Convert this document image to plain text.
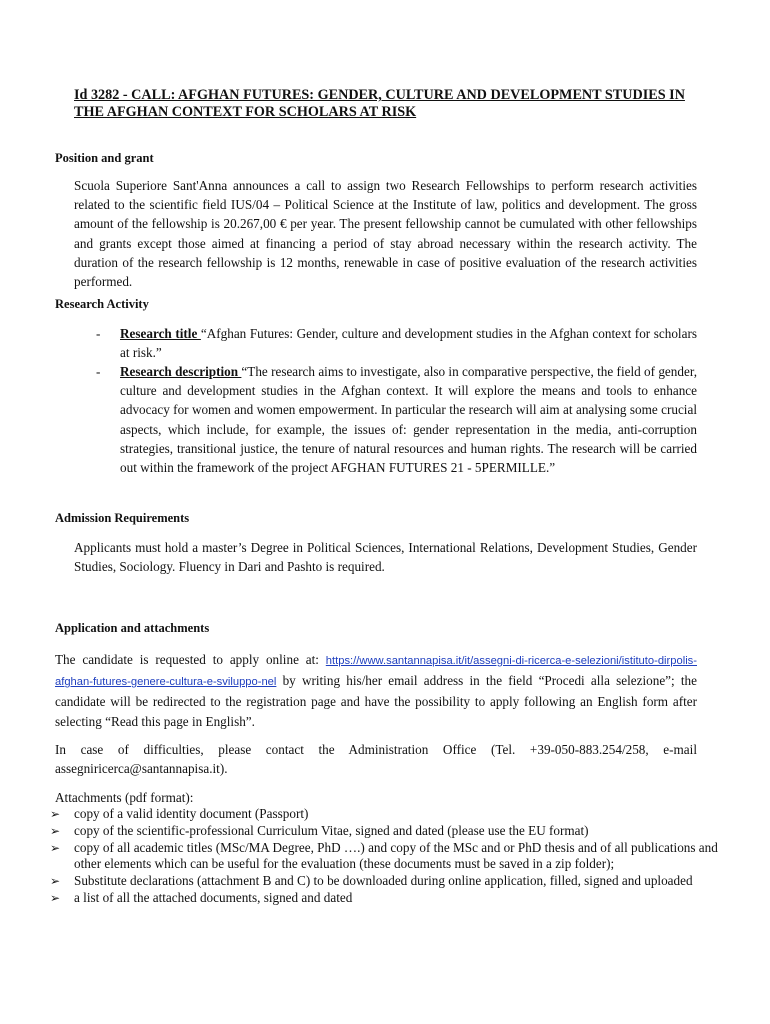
Id 3282 - CALL: AFGHAN FUTURES: GENDER, CULTURE AND DEVELOPMENT STUDIES IN THE AFGHAN CONTEXT FOR SCHOLARS AT RISK
Position and grant
Scuola Superiore Sant'Anna announces a call to assign two Research Fellowships to perform research activities related to the scientific field IUS/04 – Political Science at the Institute of law, politics and development. The gross amount of the fellowship is 20.267,00 € per year. The present fellowship cannot be cumulated with other fellowships and grants except those aimed at financing a period of stay abroad necessary within the research activity. The duration of the research fellowship is 12 months, renewable in case of positive evaluation of the research activities performed.
Research Activity
- Research title “Afghan Futures: Gender, culture and development studies in the Afghan context for scholars at risk.”
- Research description “The research aims to investigate, also in comparative perspective, the field of gender, culture and development studies in the Afghan context. It will explore the means and tools to enhance advocacy for women and women empowerment. In particular the research will aim at analysing some crucial aspects, which include, for example, the issues of: gender representation in the media, anti-corruption strategies, transitional justice, the tenure of natural resources and human rights. The research will be carried out within the framework of the project AFGHAN FUTURES 21 - 5PERMILLE.”
Admission Requirements
Applicants must hold a master’s Degree in Political Sciences, International Relations, Development Studies, Gender Studies, Sociology. Fluency in Dari and Pashto is required.
Application and attachments
The candidate is requested to apply online at: https://www.santannapisa.it/it/assegni-di-ricerca-e-selezioni/istituto-dirpolis-afghan-futures-genere-cultura-e-sviluppo-nel by writing his/her email address in the field “Procedi alla selezione”; the candidate will be redirected to the registration page and have the possibility to apply following an English form after selecting “Read this page in English”.
In case of difficulties, please contact the Administration Office (Tel. +39-050-883.254/258, e-mail assegniricerca@santannapisa.it).
Attachments (pdf format):
➢ copy of a valid identity document (Passport)
➢ copy of the scientific-professional Curriculum Vitae, signed and dated (please use the EU format)
➢ copy of all academic titles (MSc/MA Degree, PhD ….) and copy of the MSc and or PhD thesis and of all publications and other elements which can be useful for the evaluation (these documents must be saved in a zip folder);
➢ Substitute declarations (attachment B and C) to be downloaded during online application, filled, signed and uploaded
➢ a list of all the attached documents, signed and dated
